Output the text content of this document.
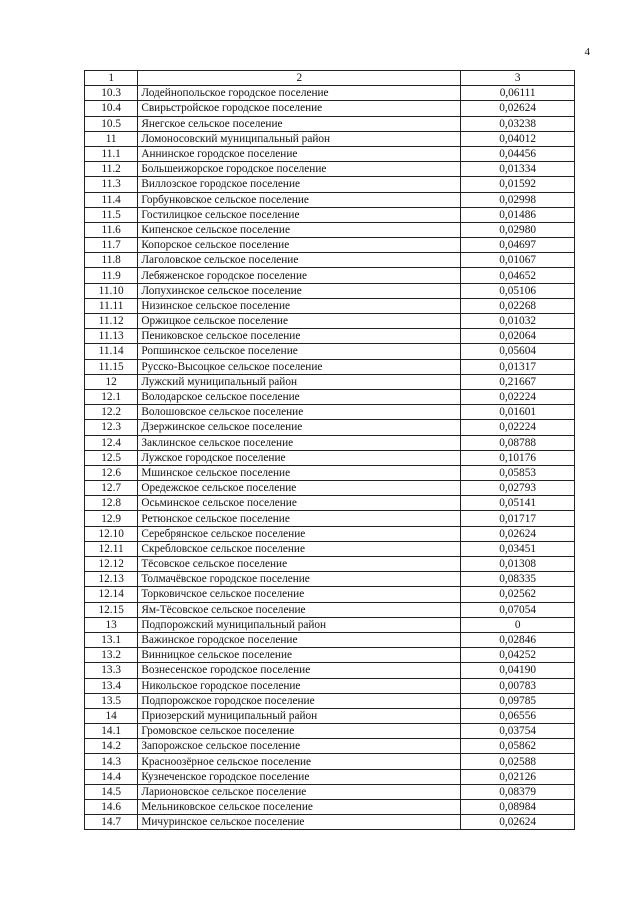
4
1	2	3
10.3	Лодейнопольское городское поселение	0,06111
10.4	Свирьстройское городское поселение	0,02624
10.5	Янегское сельское поселение	0,03238
11	Ломоносовский муниципальный район	0,04012
11.1	Аннинское городское поселение	0,04456
11.2	Большеижорское городское поселение	0,01334
11.3	Виллозское городское поселение	0,01592
11.4	Горбунковское сельское поселение	0,02998
11.5	Гостилицкое сельское поселение	0,01486
11.6	Кипенское сельское поселение	0,02980
11.7	Копорское сельское поселение	0,04697
11.8	Лаголовское сельское поселение	0,01067
11.9	Лебяженское городское поселение	0,04652
11.10	Лопухинское сельское поселение	0,05106
11.11	Низинское сельское поселение	0,02268
11.12	Оржицкое сельское поселение	0,01032
11.13	Пениковское сельское поселение	0,02064
11.14	Ропшинское сельское поселение	0,05604
11.15	Русско-Высоцкое сельское поселение	0,01317
12	Лужский муниципальный район	0,21667
12.1	Володарское сельское поселение	0,02224
12.2	Волошовское сельское поселение	0,01601
12.3	Дзержинское сельское поселение	0,02224
12.4	Заклинское сельское поселение	0,08788
12.5	Лужское городское поселение	0,10176
12.6	Мшинское сельское поселение	0,05853
12.7	Оредежское сельское поселение	0,02793
12.8	Осьминское сельское поселение	0,05141
12.9	Ретюнское сельское поселение	0,01717
12.10	Серебрянское сельское поселение	0,02624
12.11	Скребловское сельское поселение	0,03451
12.12	Тёсовское сельское поселение	0,01308
12.13	Толмачёвское городское поселение	0,08335
12.14	Торковичское сельское поселение	0,02562
12.15	Ям-Тёсовское сельское поселение	0,07054
13	Подпорожский муниципальный район	0
13.1	Важинское городское поселение	0,02846
13.2	Винницкое сельское поселение	0,04252
13.3	Вознесенское городское поселение	0,04190
13.4	Никольское городское поселение	0,00783
13.5	Подпорожское городское поселение	0,09785
14	Приозерский муниципальный район	0,06556
14.1	Громовское сельское поселение	0,03754
14.2	Запорожское сельское поселение	0,05862
14.3	Красноозёрное сельское поселение	0,02588
14.4	Кузнеченское городское поселение	0,02126
14.5	Ларионовское сельское поселение	0,08379
14.6	Мельниковское сельское поселение	0,08984
14.7	Мичуринское сельское поселение	0,02624
